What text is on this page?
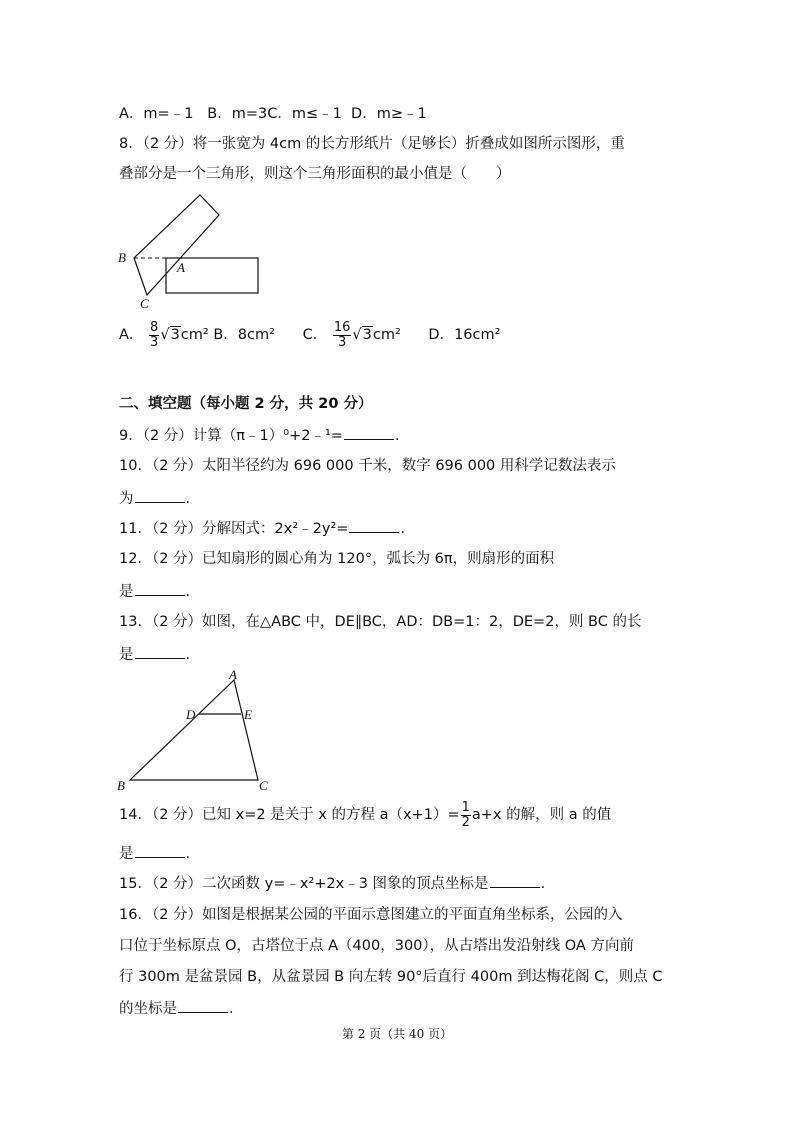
A．m=﹣1 B．m=3C．m≤﹣1 D．m≥﹣1
8．（2 分）将一张宽为 4cm 的长方形纸片（足够长）折叠成如图所示图形，重
叠部分是一个三角形，则这个三角形面积的最小值是（　　）
B
A
C
A． $\frac{8}{3} √3cm^2$ B．8cm² C． $\frac{16}{3} √3cm^2$ D．16cm²
二、填空题（每小题 2 分，共 20 分）
9．（2 分）计算（π﹣1）⁰+2﹣¹=	.
10．（2 分）太阳半径约为 696 000 千米，数字 696 000 用科学记数法表示
为	.
11．（2 分）分解因式：2x²﹣2y²=	.
12．（2 分）已知扇形的圆心角为 120°，弧长为 6π，则扇形的面积
是	.
13．（2 分）如图，在△ABC 中，DE∥BC，AD：DB=1：2，DE=2，则 BC 的长
是	.
A
D	E
B	C
14．（2 分）已知 x=2 是关于 x 的方程 $a(x+1)= \frac{1}{2} a+x$ 的解，则 a 的值
是	.
15．（2 分）二次函数 y=﹣x²+2x﹣3 图象的顶点坐标是	.
16．（2 分）如图是根据某公园的平面示意图建立的平面直角坐标系，公园的入
口位于坐标原点 O，古塔位于点 A（400，300），从古塔出发沿射线 OA 方向前
行 300m 是盆景园 B，从盆景园 B 向左转 90°后直行 400m 到达梅花阁 C，则点 C
的坐标是	.
第 2 页（共 40 页）
